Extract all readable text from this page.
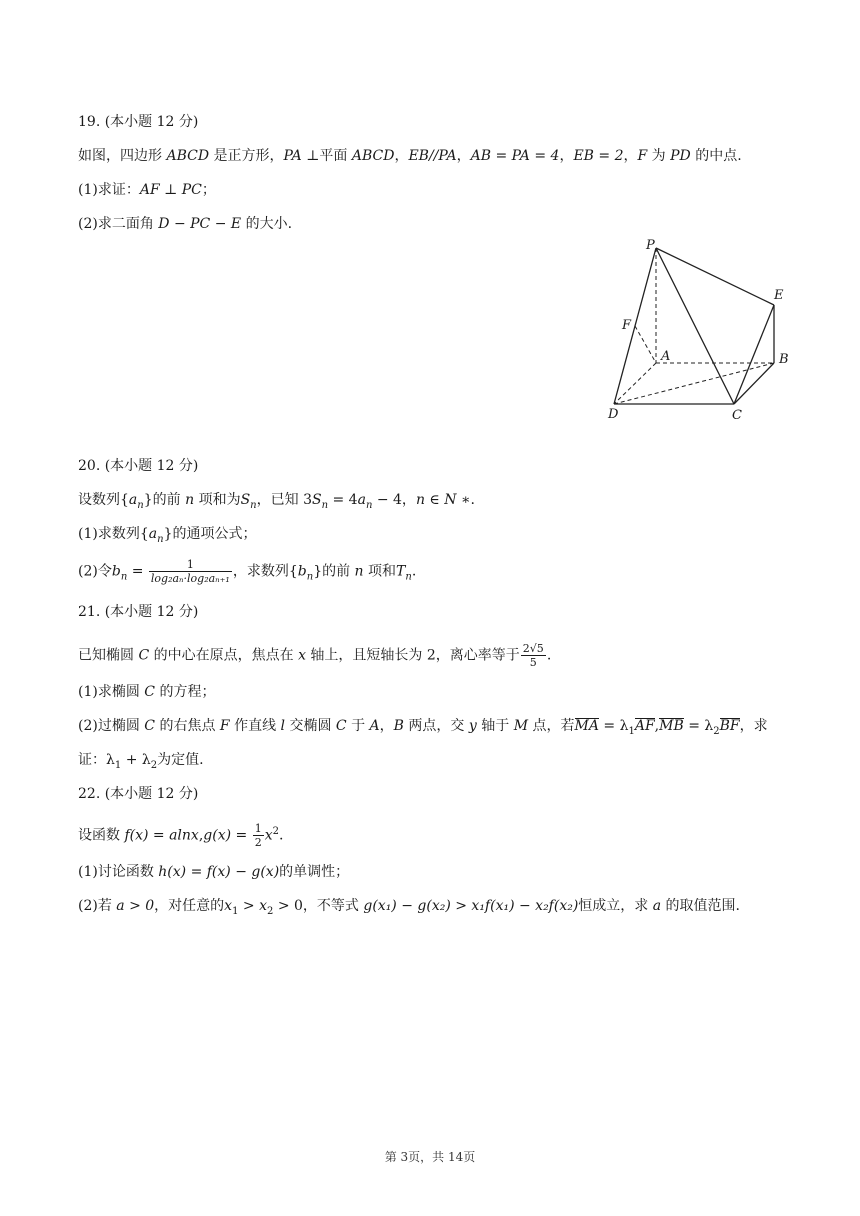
19. (本小题 12 分)
如图，四边形 ABCD 是正方形，PA ⊥平面 ABCD，EB//PA，AB = PA = 4，EB = 2，F 为 PD 的中点.
(1)求证：AF ⊥ PC；
(2)求二面角 D − PC − E 的大小.
P
E
F
A	B
D	C
20. (本小题 12 分)
设数列$\{a_n\}$的前 n 项和为$S_n$，已知 $3S_n = 4a_n - 4$，n ∈ N ∗.
(1)求数列$\{a_n\}$的通项公式；
(2)令$b_n = \frac{1}{\text{log₂aₙ·log₂aₙ₊₁}}$ ，求数列$\{b_n\}$的前 n 项和$T_n$.
21. (本小题 12 分)
已知椭圆 C 的中心在原点，焦点在 x 轴上，且短轴长为 2，离心率等于 $\frac{2√5}{5}$ .
(1)求椭圆 C 的方程；
(2)过椭圆 C 的右焦点 F 作直线 l 交椭圆 C 于 A，B 两点，交 y 轴于 M 点，若MA = $\lambda_1AF,MB = \lambda_2BF$，求
证：$\lambda_1 + \lambda_2$为定值.
22. (本小题 12 分)
设函数 $f(x) = alnx,g(x) = \frac{1}{2} x^2$.
(1)讨论函数 h(x) = f(x) − g(x)的单调性；
(2)若 a > 0，对任意的$x_1 > x_2 > 0$，不等式 g(x₁) − g(x₂) > x₁f(x₁) − x₂f(x₂)恒成立，求 a 的取值范围.
第 3页，共 14页
